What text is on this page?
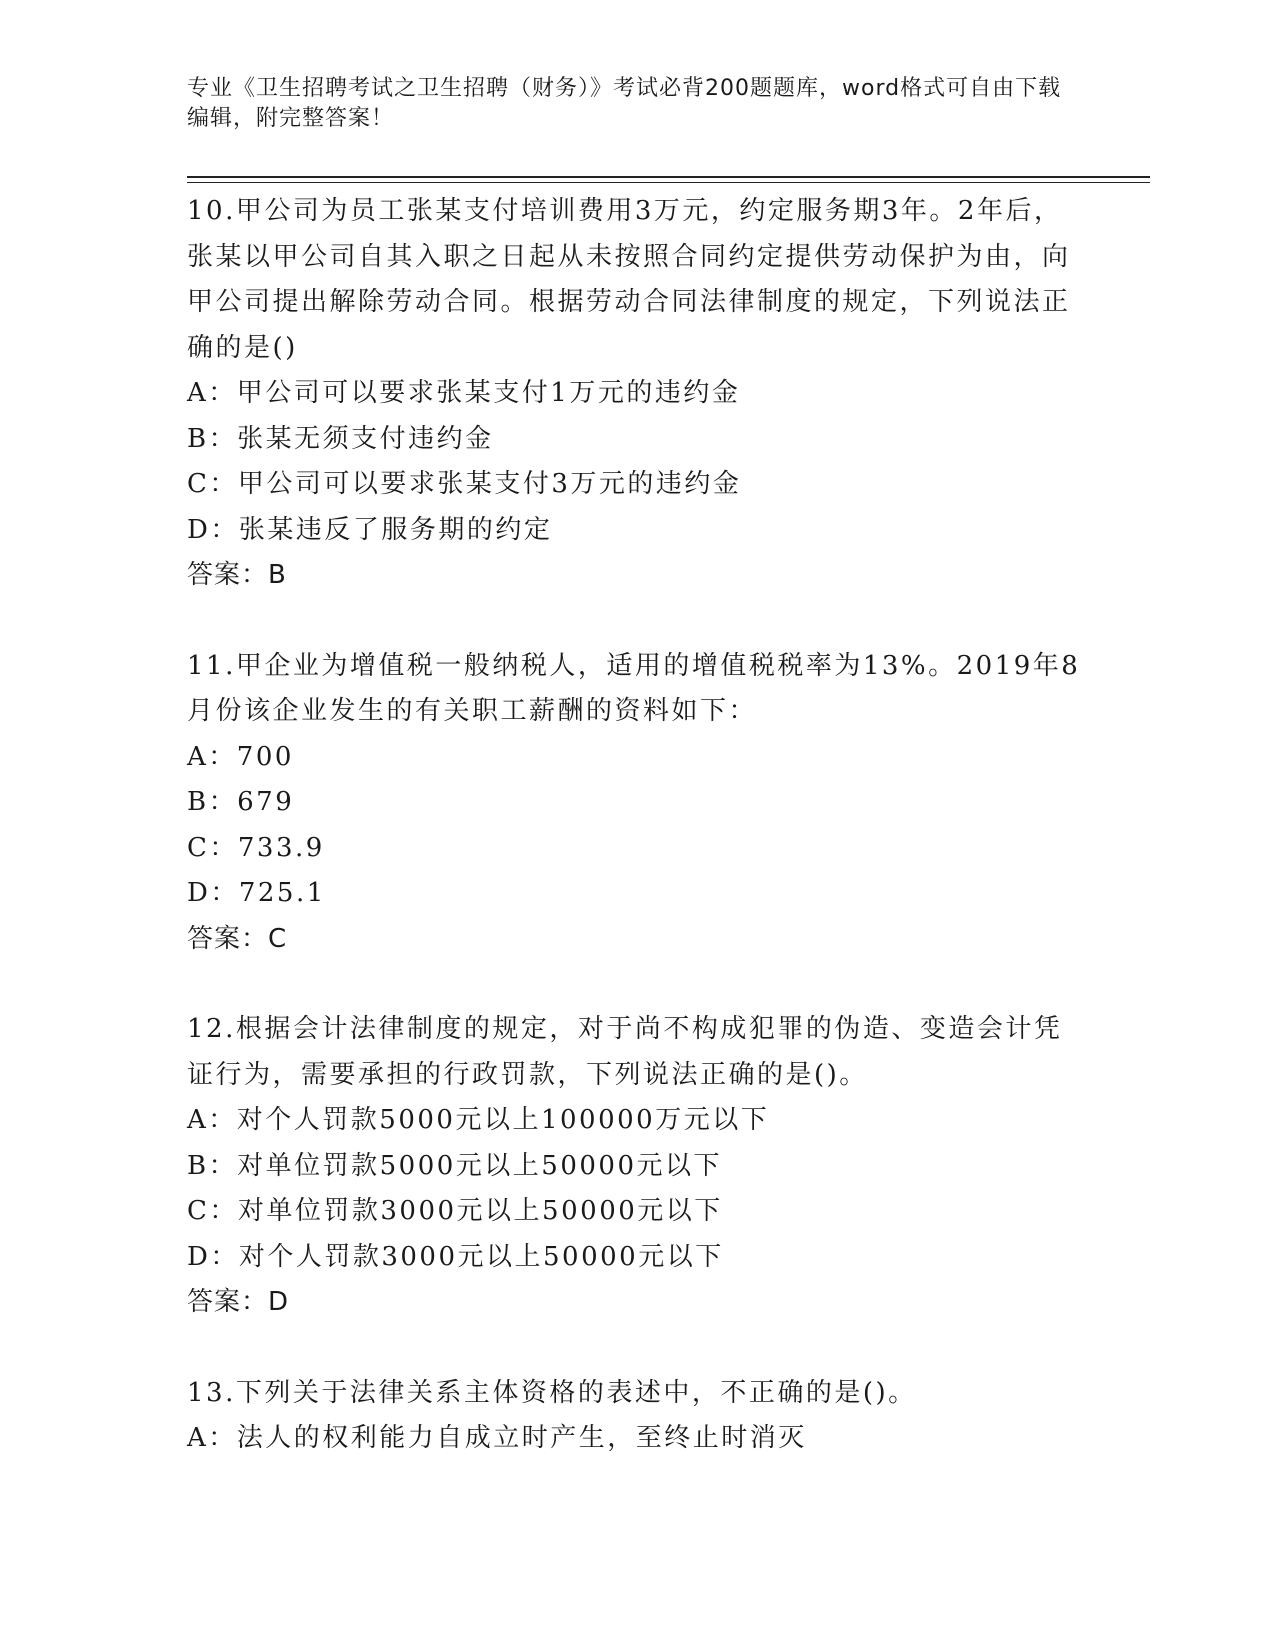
专业《卫生招聘考试之卫生招聘（财务）》考试必背200题题库，word格式可自由下载编辑，附完整答案！
10.甲公司为员工张某支付培训费用3万元，约定服务期3年。2年后，张某以甲公司自其入职之日起从未按照合同约定提供劳动保护为由，向甲公司提出解除劳动合同。根据劳动合同法律制度的规定，下列说法正确的是()
A：甲公司可以要求张某支付1万元的违约金
B：张某无须支付违约金
C：甲公司可以要求张某支付3万元的违约金
D：张某违反了服务期的约定
答案：B
11.甲企业为增值税一般纳税人，适用的增值税税率为13%。2019年8月份该企业发生的有关职工薪酬的资料如下：
A：700
B：679
C：733.9
D：725.1
答案：C
12.根据会计法律制度的规定，对于尚不构成犯罪的伪造、变造会计凭证行为，需要承担的行政罚款，下列说法正确的是()。
A：对个人罚款5000元以上100000万元以下
B：对单位罚款5000元以上50000元以下
C：对单位罚款3000元以上50000元以下
D：对个人罚款3000元以上50000元以下
答案：D
13.下列关于法律关系主体资格的表述中，不正确的是()。
A：法人的权利能力自成立时产生，至终止时消灭
